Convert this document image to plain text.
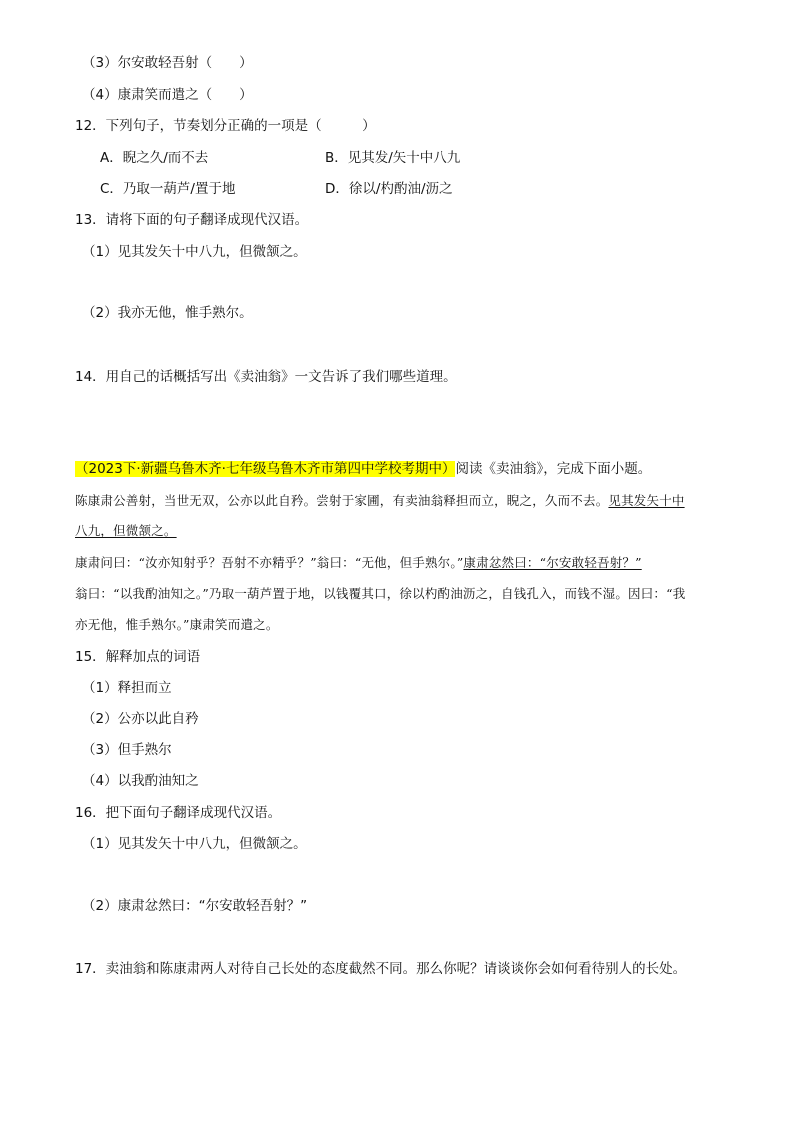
（3）尔安敢轻吾射（　　）
（4）康肃笑而遣之（　　）
12．下列句子，节奏划分正确的一项是（　　　）
A．睨之久/而不去	B．见其发/矢十中八九
C．乃取一葫芦/置于地	D．徐以/杓酌油/沥之
13．请将下面的句子翻译成现代汉语。
（1）见其发矢十中八九，但微颔之。
（2）我亦无他，惟手熟尔。
14．用自己的话概括写出《卖油翁》一文告诉了我们哪些道理。
（2023下·新疆乌鲁木齐·七年级乌鲁木齐市第四中学校考期中）阅读《卖油翁》，完成下面小题。
陈康肃公善射，当世无双，公亦以此自矜。尝射于家圃，有卖油翁释担而立，睨之，久而不去。见其发矢十中
八九，但微颔之。
康肃问曰：“汝亦知射乎？吾射不亦精乎？”翁曰：“无他，但手熟尔。”康肃忿然曰：“尔安敢轻吾射？”
翁曰：“以我酌油知之。”乃取一葫芦置于地，以钱覆其口，徐以杓酌油沥之，自钱孔入，而钱不湿。因曰：“我
亦无他，惟手熟尔。”康肃笑而遣之。
15．解释加点的词语
（1）释担而立
（2）公亦以此自矜
（3）但手熟尔
（4）以我酌油知之
16．把下面句子翻译成现代汉语。
（1）见其发矢十中八九，但微颔之。
（2）康肃忿然曰：“尔安敢轻吾射？”
17．卖油翁和陈康肃两人对待自己长处的态度截然不同。那么你呢？请谈谈你会如何看待别人的长处。
